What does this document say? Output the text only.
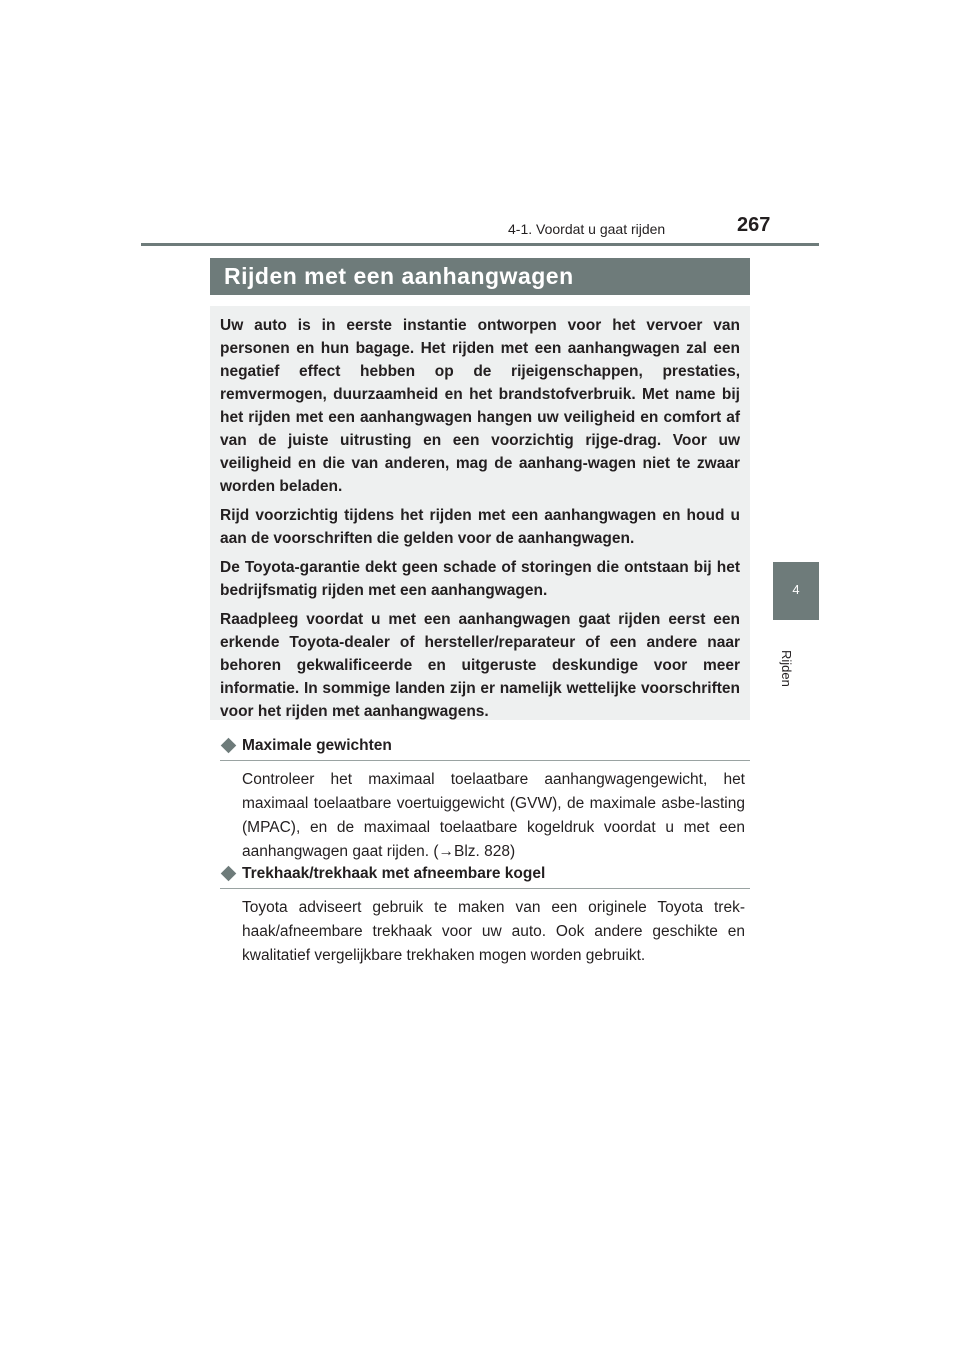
4-1. Voordat u gaat rijden	267
4
Rijden
Rijden met een aanhangwagen

Uw auto is in eerste instantie ontworpen voor het vervoer van personen en hun bagage. Het rijden met een aanhangwagen zal een negatief effect hebben op de rijeigenschappen, prestaties, remvermogen, duurzaamheid en het brandstofverbruik. Met name bij het rijden met een aanhangwagen hangen uw veiligheid en comfort af van de juiste uitrusting en een voorzichtig rijge-drag. Voor uw veiligheid en die van anderen, mag de aanhang-wagen niet te zwaar worden beladen.

Rijd voorzichtig tijdens het rijden met een aanhangwagen en houd u aan de voorschriften die gelden voor de aanhangwagen.

De Toyota-garantie dekt geen schade of storingen die ontstaan bij het bedrijfsmatig rijden met een aanhangwagen.

Raadpleeg voordat u met een aanhangwagen gaat rijden eerst een erkende Toyota-dealer of hersteller/reparateur of een andere naar behoren gekwalificeerde en uitgeruste deskundige voor meer informatie. In sommige landen zijn er namelijk wettelijke voorschriften voor het rijden met aanhangwagens.

Maximale gewichten

Controleer het maximaal toelaatbare aanhangwagengewicht, het maximaal toelaatbare voertuiggewicht (GVW), de maximale asbe-lasting (MPAC), en de maximaal toelaatbare kogeldruk voordat u met een aanhangwagen gaat rijden. (→Blz. 828)

Trekhaak/trekhaak met afneembare kogel

Toyota adviseert gebruik te maken van een originele Toyota trek-haak/afneembare trekhaak voor uw auto. Ook andere geschikte en kwalitatief vergelijkbare trekhaken mogen worden gebruikt.
